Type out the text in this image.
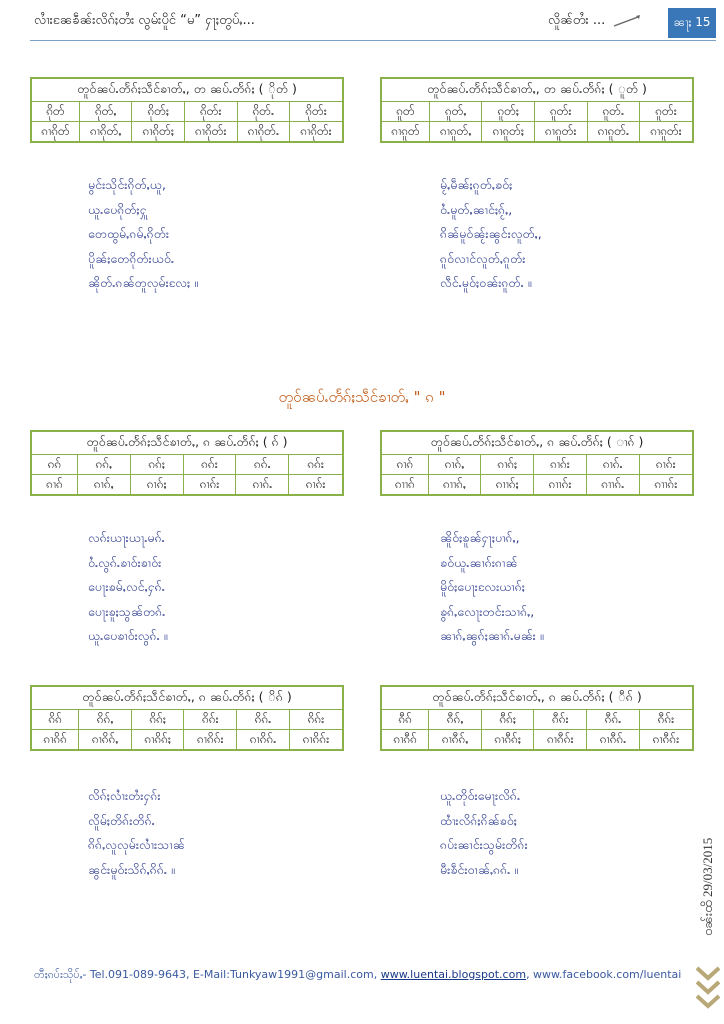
လၢႆးၼႄၶဵၼ်းလိၵ်ႈတႆး လွမ်းပိူင် “မ” ႁႃႈတွပ်ႇ...	လိူၼ်တႆး ...	ၼႃႈ 15
တူဝ်ၼပ်ႉတႅၵ်ႈသဵင်ၶၢတ်ႇ, တ ၼပ်ႉတႅၵ်ႈ ( ိုတ် )					
ၵိုတ်	ၵိုတ်ႇ	ၵိုတ်ႈ	ၵိုတ်း	ၵိုတ်ႉ	ၵိုတ်း
ၵၢၵိုတ်	ၵၢၵိုတ်ႇ	ၵၢၵိုတ်ႈ	ၵၢၵိုတ်း	ၵၢၵိုတ်ႉ	ၵၢၵိုတ်း
တူဝ်ၼပ်ႉတႅၵ်ႈသဵင်ၶၢတ်ႇ, တ ၼပ်ႉတႅၵ်ႈ ( ူတ် )					
ၵူတ်	ၵူတ်ႇ	ၵူတ်ႈ	ၵူတ်း	ၵူတ်ႉ	ၵူတ်း
ၵၢၵူတ်	ၵၢၵူတ်ႇ	ၵၢၵူတ်ႈ	ၵၢၵူတ်း	ၵၢၵူတ်ႉ	ၵၢၵူတ်း
တူဝ်ၼပ်ႉတႅၵ်ႈသဵင်ၶၢတ်ႇ, ၵ ၼပ်ႉတႅၵ်ႈ ( ၵ် )					
ၵၵ်	ၵၵ်ႇ	ၵၵ်ႈ	ၵၵ်း	ၵၵ်ႉ	ၵၵ်း
ၵၢၵ်	ၵၢၵ်ႇ	ၵၢၵ်ႈ	ၵၢၵ်း	ၵၢၵ်ႉ	ၵၢၵ်း
တူဝ်ၼပ်ႉတႅၵ်ႈသဵင်ၶၢတ်ႇ, ၵ ၼပ်ႉတႅၵ်ႈ ( ၢၵ် )					
ၵၢၵ်	ၵၢၵ်ႇ	ၵၢၵ်ႈ	ၵၢၵ်း	ၵၢၵ်ႉ	ၵၢၵ်း
ၵၢၢၵ်	ၵၢၢၵ်ႇ	ၵၢၢၵ်ႈ	ၵၢၢၵ်း	ၵၢၢၵ်ႉ	ၵၢၢၵ်း
တူဝ်ၼပ်ႉတႅၵ်ႈသဵင်ၶၢတ်ႇ, ၵ ၼပ်ႉတႅၵ်ႈ ( ိၵ် )					
ၵိၵ်	ၵိၵ်ႇ	ၵိၵ်ႈ	ၵိၵ်း	ၵိၵ်ႉ	ၵိၵ်း
ၵၢၵိၵ်	ၵၢၵိၵ်ႇ	ၵၢၵိၵ်ႈ	ၵၢၵိၵ်း	ၵၢၵိၵ်ႉ	ၵၢၵိၵ်း
တူဝ်ၼပ်ႉတႅၵ်ႈသဵင်ၶၢတ်ႇ, ၵ ၼပ်ႉတႅၵ်ႈ ( ီၵ် )					
ၵီၵ်	ၵီၵ်ႇ	ၵီၵ်ႈ	ၵီၵ်း	ၵီၵ်ႉ	ၵီၵ်း
ၵၢၵီၵ်	ၵၢၵီၵ်ႇ	ၵၢၵီၵ်ႈ	ၵၢၵီၵ်း	ၵၢၵီၵ်ႉ	ၵၢၵီၵ်း
မွင်းသိုင်းၵိုတ်ႇယူ,
ယူႉပေၵိုတ်ႈႁူ
တေထွမ်ႇၵမ်ႇၵိုတ်း
ပိူၼ်ႈတေၵိုတ်းယဝ်ႉ
ၼိုတ်ႉၵၼ်တူလုမ်းလႄႈ ။
မႂ်ႇမဵၼ်ႈၵူတ်ႇၶဝ်ႈ
ဝႆႉမူတ်ႇၼၢင်ႈၵႂ်ႇ,
ၵိၼ်မူဝ်ၼႂ်းၼွင်းလူတ်ႇ,
ၵူဝ်လၢင်လူတ်ႇၵူတ်း
လဵင်ႉမူဝ်ႈဝၼ်းၵူတ်ႉ ။
လၵ်းယႃးယႃႉမၵ်ႉ
ဝႆႉလွၵ်ႉၶၢဝ်းၶၢဝ်း
ပေႃးၶမ်ႇလင်ႇႁၵ်ႉ
ပေႃးၶူႈသွၼ်တၵ်ႉ
ယူႉပေၶၢဝ်းလွၵ်ႉ ။
ၼိူဝ်ႈၶူၼ်ႁႃႈပၢၵ်ႇ,
ၶဝ်ယူႉၼၢၵ်းၵၢၼ်
မိူဝ်ႈပေႃးလႄးယၢၵ်ႈ
ၶွၵ်ႇလေႃးတင်းသၢၵ်ႇ,
ၼၢၵ်ႇၼွၵ်ႈၼၢၵ်ႉမၼ်း ။
လိၵ်ႈလၢႆးတႆးႁၵ်း
လိူမ်ႈတိၵ်းတိၵ်ႉ
ၵိၵ်ႇလူလုမ်းလၢႆးသၢၼ်
ၼွင်းမူဝ်းသိၵ်ႇၵိၵ်ႉ ။
ယူႉတိုဝ်းမေႃးလိၵ်ႉ
ထၢႆးလိၵ်ႈၵိၼ်ၶဝ်ႈ
ၵပ်းၼၢင်းသွမ်းတိၵ်း
မီးၶဵင်းဝၢၼ်ႇၵၵ်ႉ ။
တူဝ်ၼပ်ႉတႅၵ်ႈသဵင်ၶၢတ်ႇ " ၵ "
ဝၼ်းထိ 29/03/2015
တီႈၵပ်းသိုပ်ႇ- Tel.091-089-9643, E-Mail:Tunkyaw1991@gmail.com, www.luentai.blogspot.com, www.facebook.com/luentai
